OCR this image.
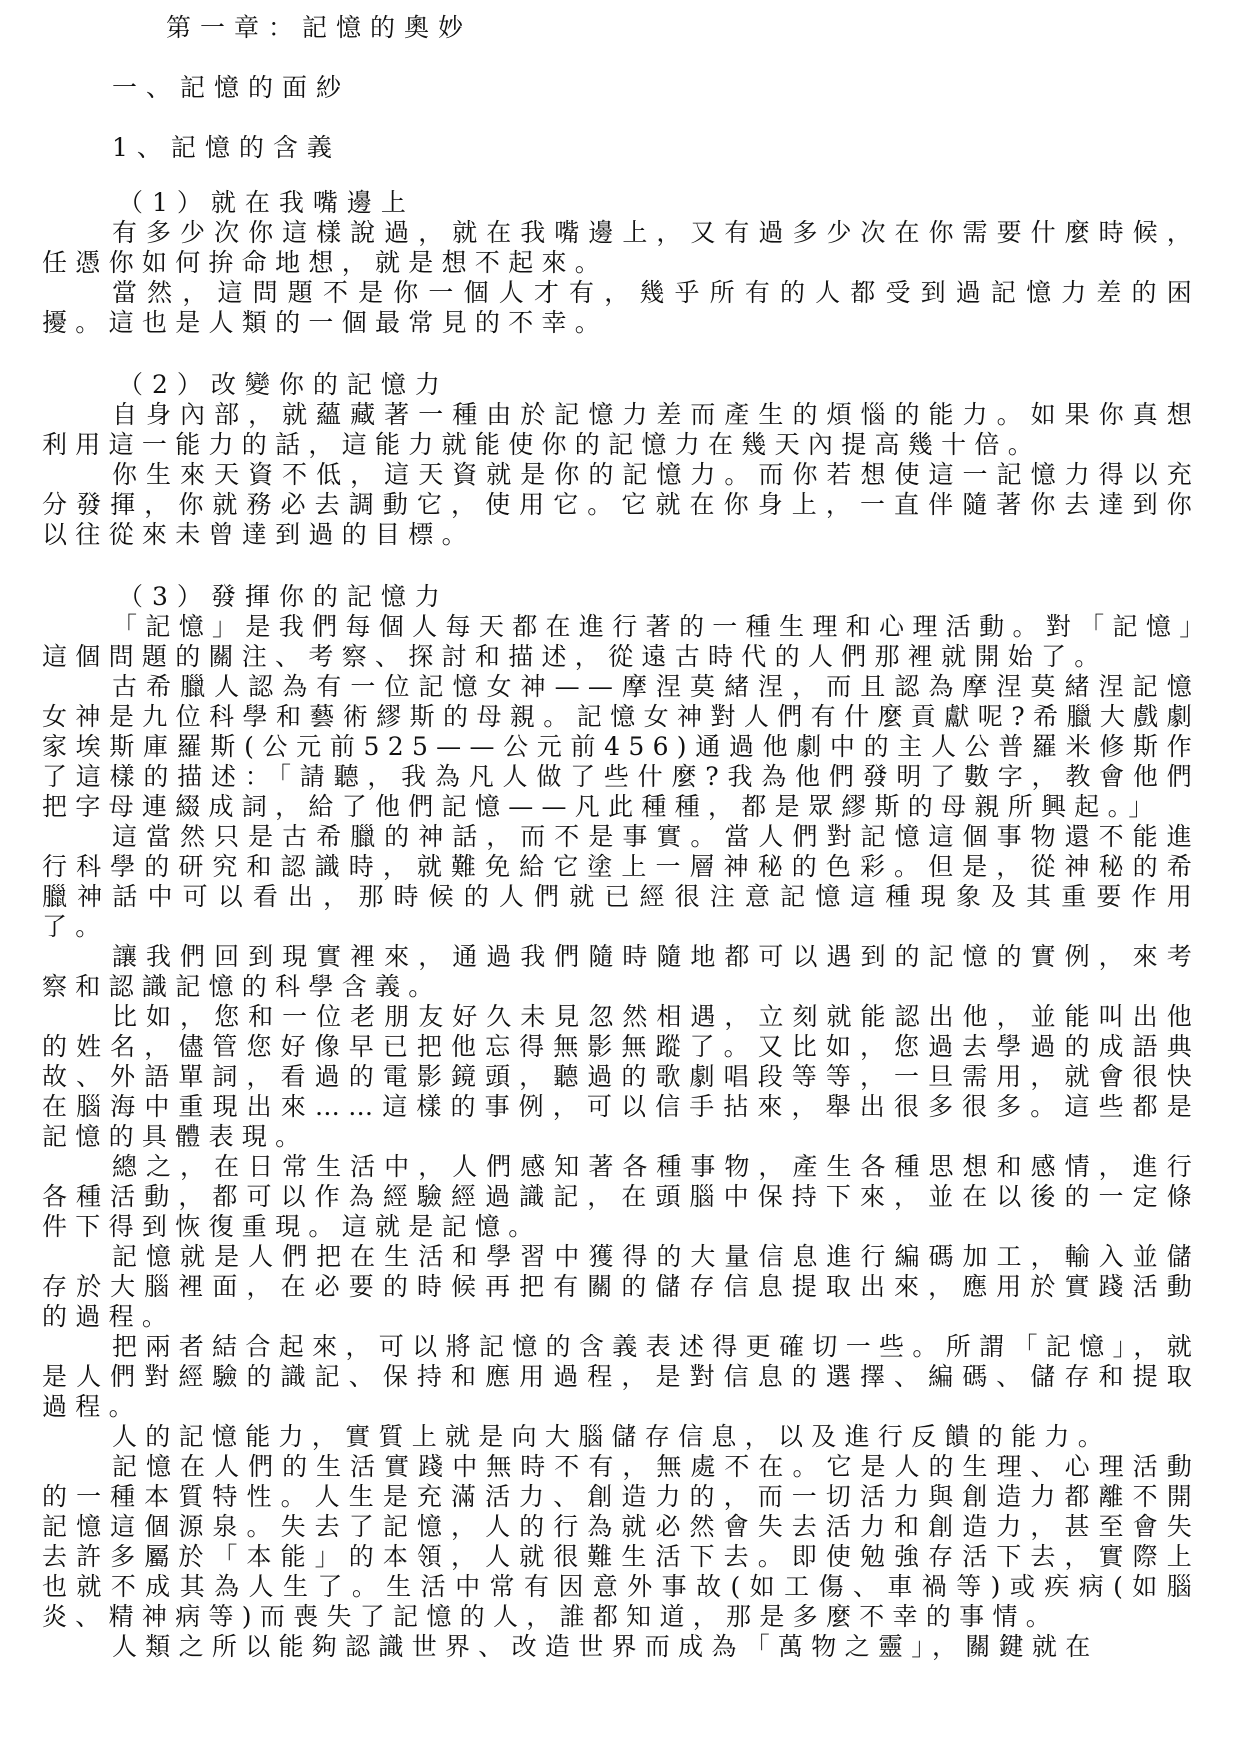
第一章：記憶的奧妙
一、記憶的面紗
1、記憶的含義
（1）就在我嘴邊上

有多少次你這樣說過，就在我嘴邊上，又有過多少次在你需要什麼時候，任憑你如何拚命地想，就是想不起來。

當然，這問題不是你一個人才有，幾乎所有的人都受到過記憶力差的困擾。這也是人類的一個最常見的不幸。

（2）改變你的記憶力

自身內部，就蘊藏著一種由於記憶力差而產生的煩惱的能力。如果你真想利用這一能力的話，這能力就能使你的記憶力在幾天內提高幾十倍。

你生來天資不低，這天資就是你的記憶力。而你若想使這一記憶力得以充分發揮，你就務必去調動它，使用它。它就在你身上，一直伴隨著你去達到你以往從來未曾達到過的目標。

（3）發揮你的記憶力

「記憶」是我們每個人每天都在進行著的一種生理和心理活動。對「記憶」這個問題的關注、考察、探討和描述，從遠古時代的人們那裡就開始了。

古希臘人認為有一位記憶女神——摩涅莫緒涅，而且認為摩涅莫緒涅記憶女神是九位科學和藝術繆斯的母親。記憶女神對人們有什麼貢獻呢?希臘大戲劇家埃斯庫羅斯(公元前525——公元前456)通過他劇中的主人公普羅米修斯作了這樣的描述：「請聽，我為凡人做了些什麼?我為他們發明了數字，教會他們把字母連綴成詞，給了他們記憶——凡此種種，都是眾繆斯的母親所興起。」

這當然只是古希臘的神話，而不是事實。當人們對記憶這個事物還不能進行科學的研究和認識時，就難免給它塗上一層神秘的色彩。但是，從神秘的希臘神話中可以看出，那時候的人們就已經很注意記憶這種現象及其重要作用了。

讓我們回到現實裡來，通過我們隨時隨地都可以遇到的記憶的實例，來考察和認識記憶的科學含義。

比如，您和一位老朋友好久未見忽然相遇，立刻就能認出他，並能叫出他的姓名，儘管您好像早已把他忘得無影無蹤了。又比如，您過去學過的成語典故、外語單詞，看過的電影鏡頭，聽過的歌劇唱段等等，一旦需用，就會很快在腦海中重現出來……這樣的事例，可以信手拈來，舉出很多很多。這些都是記憶的具體表現。

總之，在日常生活中，人們感知著各種事物，產生各種思想和感情，進行各種活動，都可以作為經驗經過識記，在頭腦中保持下來，並在以後的一定條件下得到恢復重現。這就是記憶。

記憶就是人們把在生活和學習中獲得的大量信息進行編碼加工，輸入並儲存於大腦裡面，在必要的時候再把有關的儲存信息提取出來，應用於實踐活動的過程。

把兩者結合起來，可以將記憶的含義表述得更確切一些。所謂「記憶」，就是人們對經驗的識記、保持和應用過程，是對信息的選擇、編碼、儲存和提取過程。

人的記憶能力，實質上就是向大腦儲存信息，以及進行反饋的能力。

記憶在人們的生活實踐中無時不有，無處不在。它是人的生理、心理活動的一種本質特性。人生是充滿活力、創造力的，而一切活力與創造力都離不開記憶這個源泉。失去了記憶，人的行為就必然會失去活力和創造力，甚至會失去許多屬於「本能」的本領，人就很難生活下去。即使勉強存活下去，實際上也就不成其為人生了。生活中常有因意外事故(如工傷、車禍等)或疾病(如腦炎、精神病等)而喪失了記憶的人，誰都知道，那是多麼不幸的事情。

人類之所以能夠認識世界、改造世界而成為「萬物之靈」，關鍵就在
